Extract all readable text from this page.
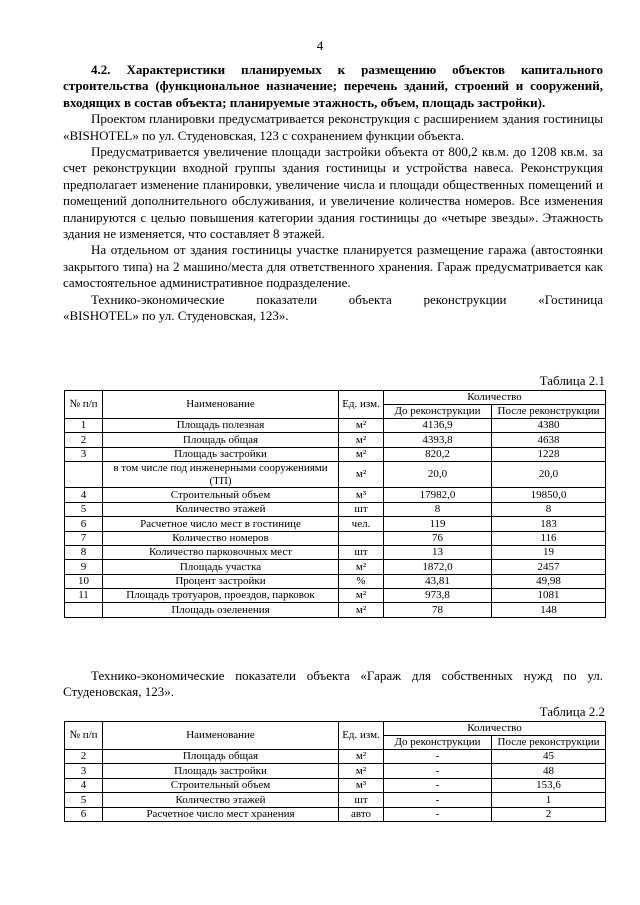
4

4.2. Характеристики планируемых к размещению объектов капитального строительства (функциональное назначение; перечень зданий, строений и сооружений, входящих в состав объекта; планируемые этажность, объем, площадь застройки).

Проектом планировки предусматривается реконструкция с расширением здания гостиницы «BISHOTEL» по ул. Студеновская, 123 с сохранением функции объекта.

Предусматривается увеличение площади застройки объекта от 800,2 кв.м. до 1208 кв.м. за счет реконструкции входной группы здания гостиницы и устройства навеса. Реконструкция предполагает изменение планировки, увеличение числа и площади общественных помещений и помещений дополнительного обслуживания, и увеличение количества номеров. Все изменения планируются с целью повышения категории здания гостиницы до «четыре звезды». Этажность здания не изменяется, что составляет 8 этажей.

На отдельном от здания гостиницы участке планируется размещение гаража (автостоянки закрытого типа) на 2 машино/места для ответственного хранения. Гараж предусматривается как самостоятельное административное подразделение.

Технико-экономические показатели объекта реконструкции «Гостиница

«BISHOTEL» по ул. Студеновская, 123».

Таблица 2.1
№ п/п	Наименование	Ед. изм.	Количество	
			До реконструкции	После реконструкции
1	Площадь полезная	м²	4136,9	4380
2	Площадь общая	м²	4393,8	4638
3	Площадь застройки	м²	820,2	1228
	в том числе под инженерными сооружениями (ТП)	м²	20,0	20,0
4	Строительный объем	м³	17982,0	19850,0
5	Количество этажей	шт	8	8
6	Расчетное число мест в гостинице	чел.	119	183
7	Количество номеров		76	116
8	Количество парковочных мест	шт	13	19
9	Площадь участка	м²	1872,0	2457
10	Процент застройки	%	43,81	49,98
11	Площадь тротуаров, проездов, парковок	м²	973,8	1081
	Площадь озеленения	м²	78	148

Технико-экономические показатели объекта «Гараж для собственных нужд по ул. Студеновская, 123».

Таблица 2.2
№ п/п	Наименование	Ед. изм.	Количество	
			До реконструкции	После реконструкции
2	Площадь общая	м²	-	45
3	Площадь застройки	м²	-	48
4	Строительный объем	м³	-	153,6
5	Количество этажей	шт	-	1
6	Расчетное число мест хранения	авто	-	2
